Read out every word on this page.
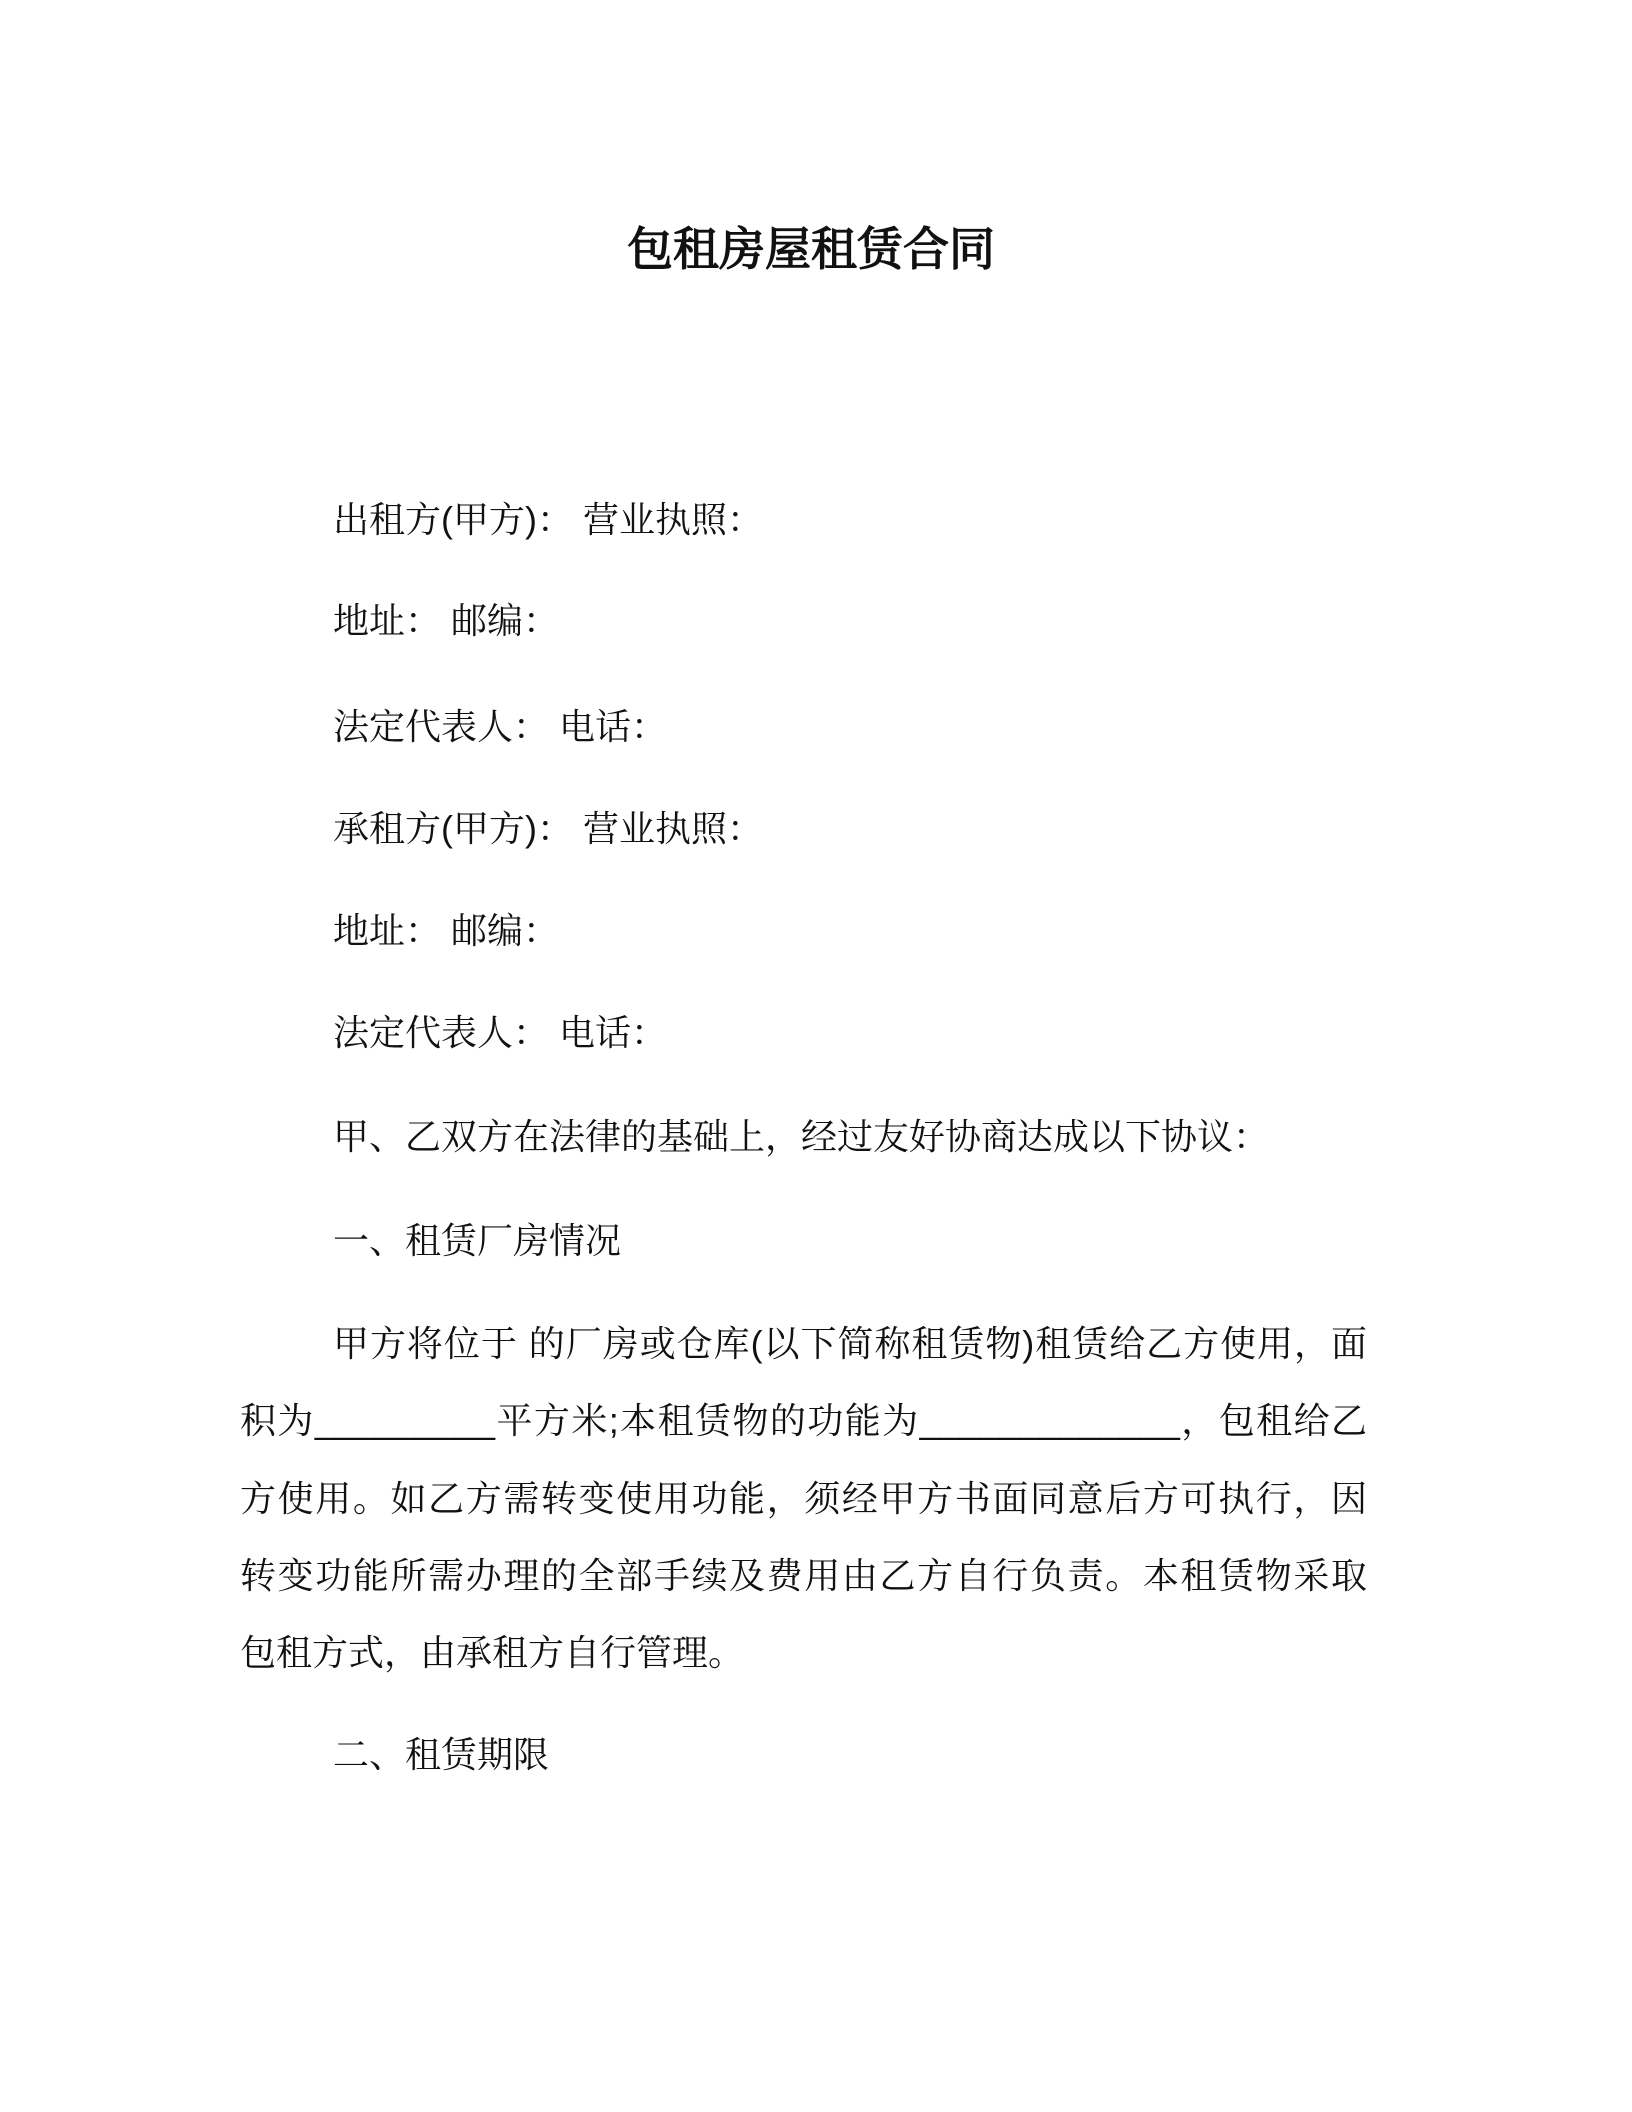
包租房屋租赁合同
出租方(甲方)： 营业执照：
地址： 邮编：
法定代表人： 电话：
承租方(甲方)： 营业执照：
地址： 邮编：
法定代表人： 电话：
甲、乙双方在法律的基础上，经过友好协商达成以下协议：
一、租赁厂房情况
甲方将位于 的厂房或仓库(以下简称租赁物)租赁给乙方使用，面
积为_________平方米;本租赁物的功能为_____________，包租给乙
方使用。如乙方需转变使用功能，须经甲方书面同意后方可执行，因
转变功能所需办理的全部手续及费用由乙方自行负责。本租赁物采取
包租方式，由承租方自行管理。
二、租赁期限
